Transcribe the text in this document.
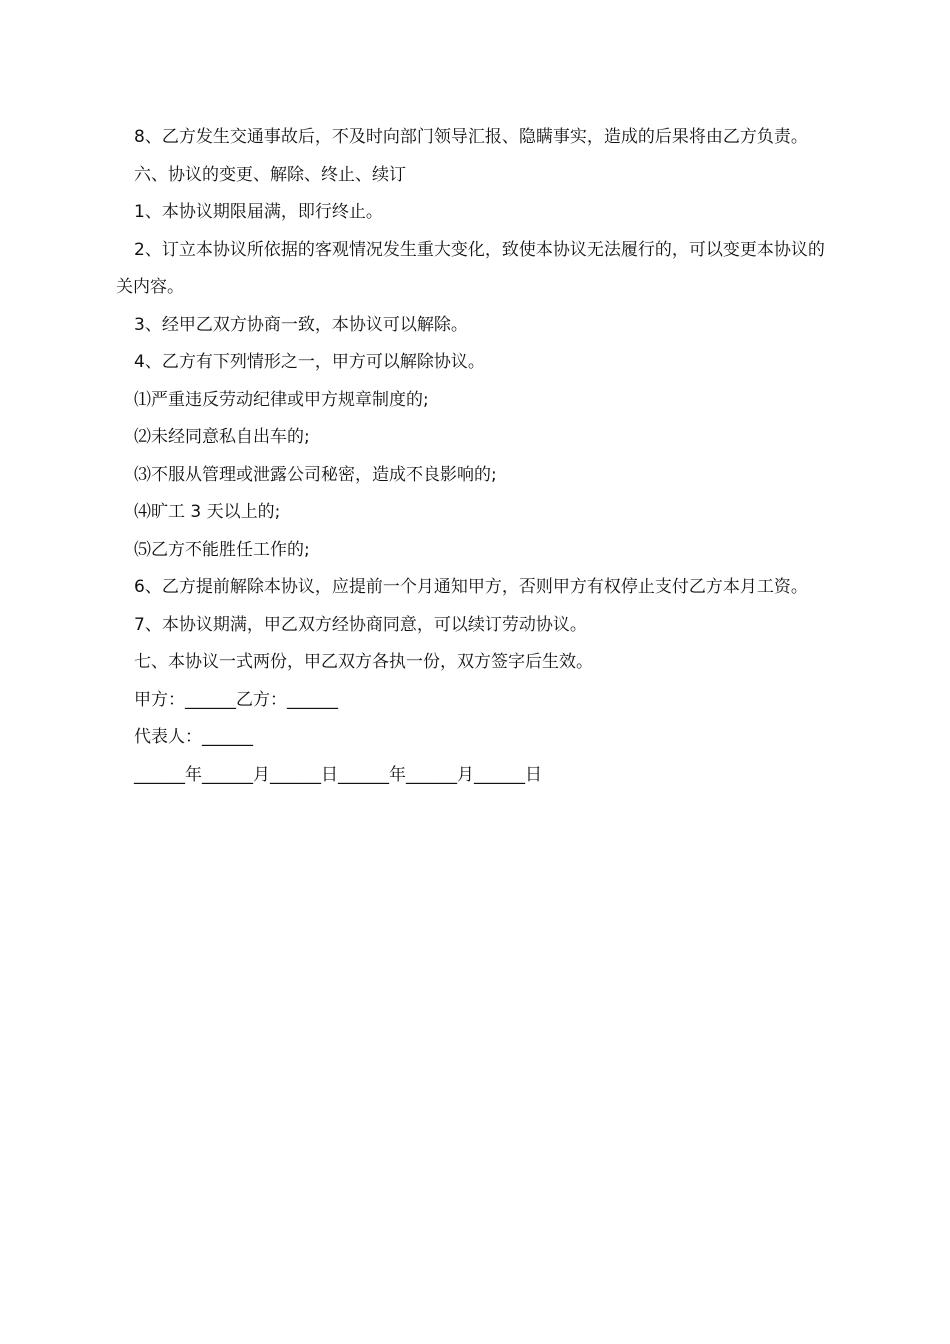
8、乙方发生交通事故后，不及时向部门领导汇报、隐瞒事实，造成的后果将由乙方负责。

六、协议的变更、解除、终止、续订

1、本协议期限届满，即行终止。

2、订立本协议所依据的客观情况发生重大变化，致使本协议无法履行的，可以变更本协议的关内容。

3、经甲乙双方协商一致，本协议可以解除。

4、乙方有下列情形之一，甲方可以解除协议。

⑴严重违反劳动纪律或甲方规章制度的;

⑵未经同意私自出车的;

⑶不服从管理或泄露公司秘密，造成不良影响的;

⑷旷工 3 天以上的;

⑸乙方不能胜任工作的;

6、乙方提前解除本协议，应提前一个月通知甲方，否则甲方有权停止支付乙方本月工资。

7、本协议期满，甲乙双方经协商同意，可以续订劳动协议。

七、本协议一式两份，甲乙双方各执一份，双方签字后生效。

甲方：______乙方：______

代表人：______

______年______月______日______年______月______日
